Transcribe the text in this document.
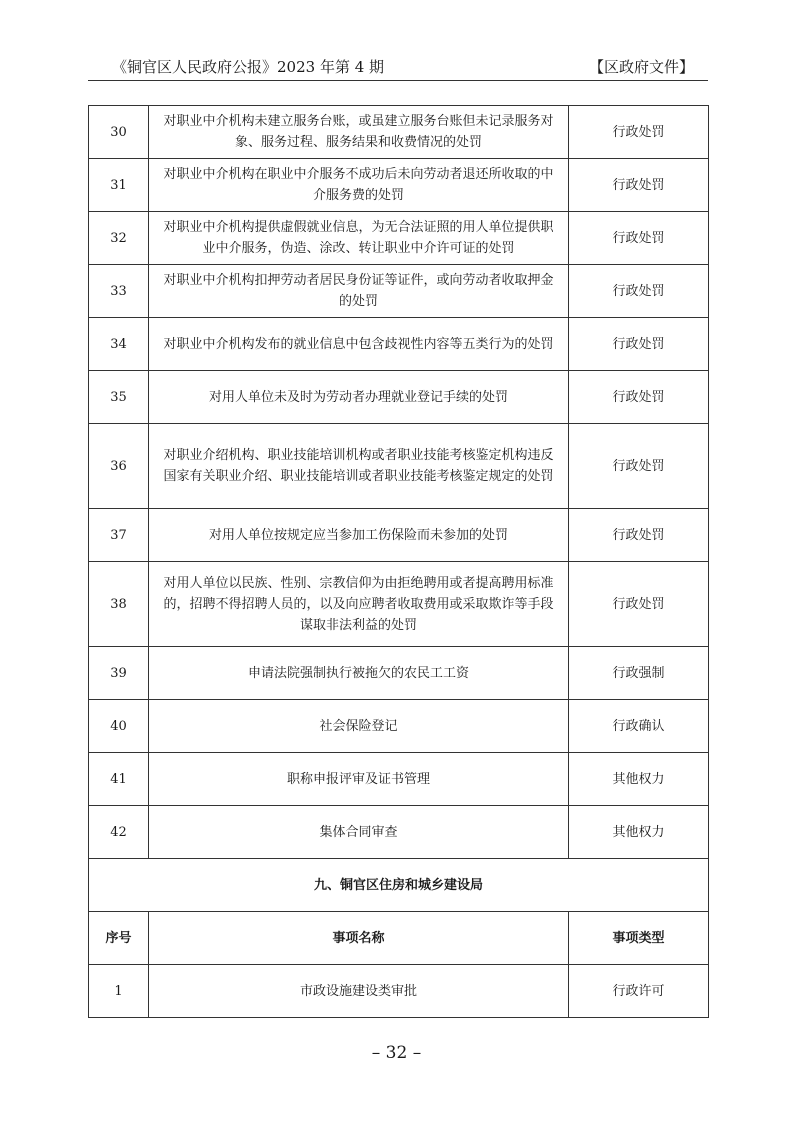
《铜官区人民政府公报》2023 年第 4 期	【区政府文件】
30	对职业中介机构未建立服务台账，或虽建立服务台账但未记录服务对象、服务过程、服务结果和收费情况的处罚	行政处罚
31	对职业中介机构在职业中介服务不成功后未向劳动者退还所收取的中介服务费的处罚	行政处罚
32	对职业中介机构提供虚假就业信息，为无合法证照的用人单位提供职业中介服务，伪造、涂改、转让职业中介许可证的处罚	行政处罚
33	对职业中介机构扣押劳动者居民身份证等证件，或向劳动者收取押金的处罚	行政处罚
34	对职业中介机构发布的就业信息中包含歧视性内容等五类行为的处罚	行政处罚
35	对用人单位未及时为劳动者办理就业登记手续的处罚	行政处罚
36	对职业介绍机构、职业技能培训机构或者职业技能考核鉴定机构违反国家有关职业介绍、职业技能培训或者职业技能考核鉴定规定的处罚	行政处罚
37	对用人单位按规定应当参加工伤保险而未参加的处罚	行政处罚
38	对用人单位以民族、性别、宗教信仰为由拒绝聘用或者提高聘用标准的，招聘不得招聘人员的，以及向应聘者收取费用或采取欺诈等手段谋取非法利益的处罚	行政处罚
39	申请法院强制执行被拖欠的农民工工资	行政强制
40	社会保险登记	行政确认
41	职称申报评审及证书管理	其他权力
42	集体合同审查	其他权力
九、铜官区住房和城乡建设局		
序号	事项名称	事项类型
1	市政设施建设类审批	行政许可
– 32 –
